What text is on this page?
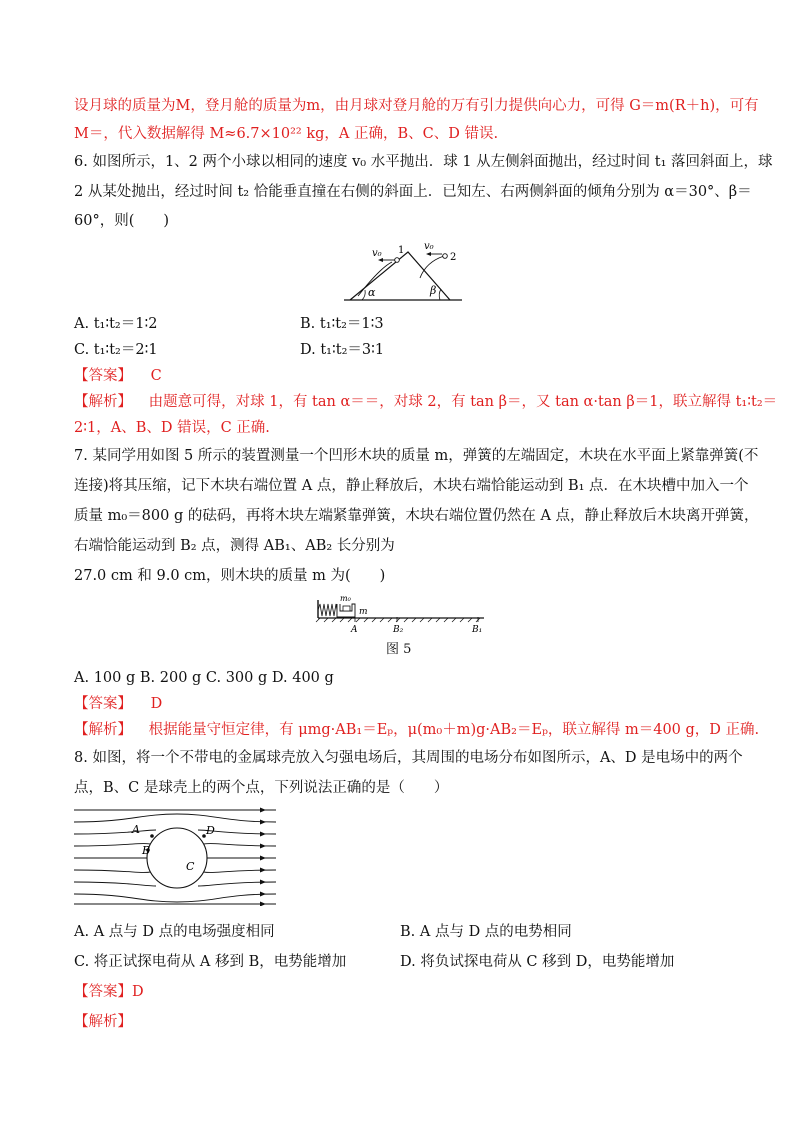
设月球的质量为M，登月舱的质量为m，由月球对登月舱的万有引力提供向心力，可得 G＝m(R＋h)，可有
M＝，代入数据解得 M≈6.7×10²² kg，A 正确，B、C、D 错误.
6. 如图所示，1、2 两个小球以相同的速度 v₀ 水平抛出．球 1 从左侧斜面抛出，经过时间 t₁ 落回斜面上，球
2 从某处抛出，经过时间 t₂ 恰能垂直撞在右侧的斜面上．已知左、右两侧斜面的倾角分别为 α＝30°、β＝
60°，则(　　)
v₀ 1 v₀
2
α	β
A. t₁∶t₂＝1∶2	B. t₁∶t₂＝1∶3
C. t₁∶t₂＝2∶1	D. t₁∶t₂＝3∶1
【答案】 C
【解析】 由题意可得，对球 1，有 tan α＝＝，对球 2，有 tan β＝，又 tan α·tan β＝1，联立解得 t₁∶t₂＝
2∶1，A、B、D 错误，C 正确.
7. 某同学用如图 5 所示的装置测量一个凹形木块的质量 m，弹簧的左端固定，木块在水平面上紧靠弹簧(不
连接)将其压缩，记下木块右端位置 A 点，静止释放后，木块右端恰能运动到 B₁ 点．在木块槽中加入一个
质量 m₀＝800 g 的砝码，再将木块左端紧靠弹簧，木块右端位置仍然在 A 点，静止释放后木块离开弹簧，
右端恰能运动到 B₂ 点，测得 AB₁、AB₂ 长分别为
27.0 cm 和 9.0 cm，则木块的质量 m 为(　　)
m₀
m
A	B₂	B₁
图 5
A. 100 g B. 200 g C. 300 g D. 400 g
【答案】 D
【解析】 根据能量守恒定律，有 μmg·AB₁＝Eₚ，μ(m₀＋m)g·AB₂＝Eₚ，联立解得 m＝400 g，D 正确.
8. 如图，将一个不带电的金属球壳放入匀强电场后，其周围的电场分布如图所示，A、D 是电场中的两个
点，B、C 是球壳上的两个点，下列说法正确的是（　　）
A
B
C
D
A. A 点与 D 点的电场强度相同	B. A 点与 D 点的电势相同
C. 将正试探电荷从 A 移到 B，电势能增加	D. 将负试探电荷从 C 移到 D，电势能增加
【答案】D
【解析】
